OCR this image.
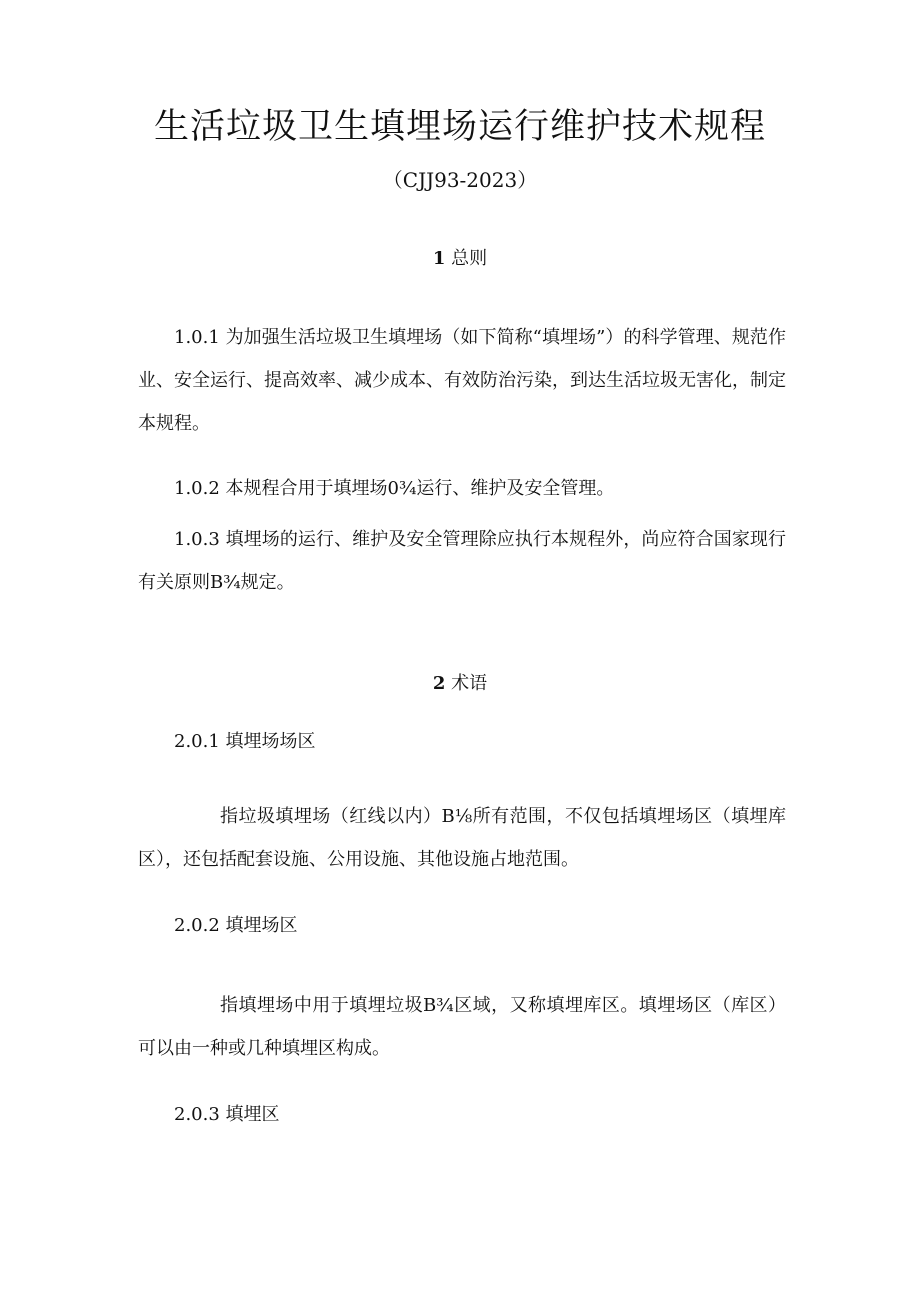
生活垃圾卫生填埋场运行维护技术规程
（CJJ93-2023）
1 总则
1.0.1 为加强生活垃圾卫生填埋场（如下简称“填埋场”）的科学管理、规范作业、安全运行、提高效率、减少成本、有效防治污染，到达生活垃圾无害化，制定本规程。
1.0.2 本规程合用于填埋场0¾运行、维护及安全管理。
1.0.3 填埋场的运行、维护及安全管理除应执行本规程外，尚应符合国家现行有关原则B¾规定。
2 术语
2.0.1 填埋场场区
指垃圾填埋场（红线以内）B⅛所有范围，不仅包括填埋场区（填埋库区），还包括配套设施、公用设施、其他设施占地范围。
2.0.2 填埋场区
指填埋场中用于填埋垃圾B¾区域，又称填埋库区。填埋场区（库区）可以由一种或几种填埋区构成。
2.0.3 填埋区
